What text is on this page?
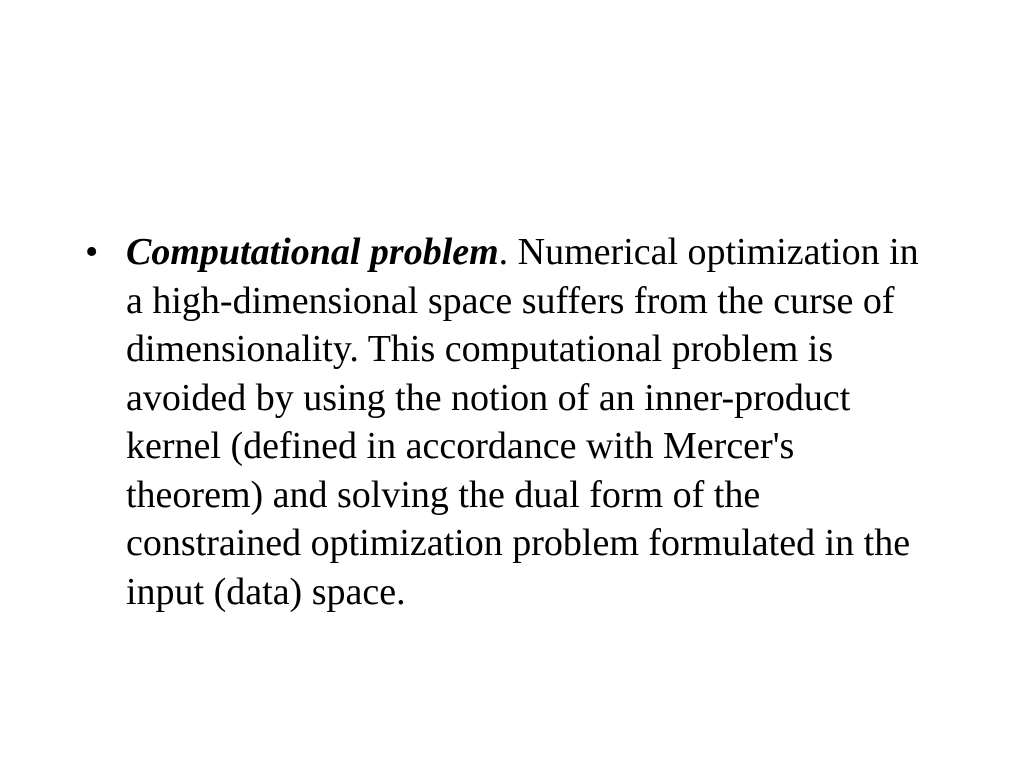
• Computational problem. Numerical optimization in a high-dimensional space suffers from the curse of dimensionality. This computational problem is avoided by using the notion of an inner-product kernel (defined in accordance with Mercer's theorem) and solving the dual form of the constrained optimization problem formulated in the input (data) space.
